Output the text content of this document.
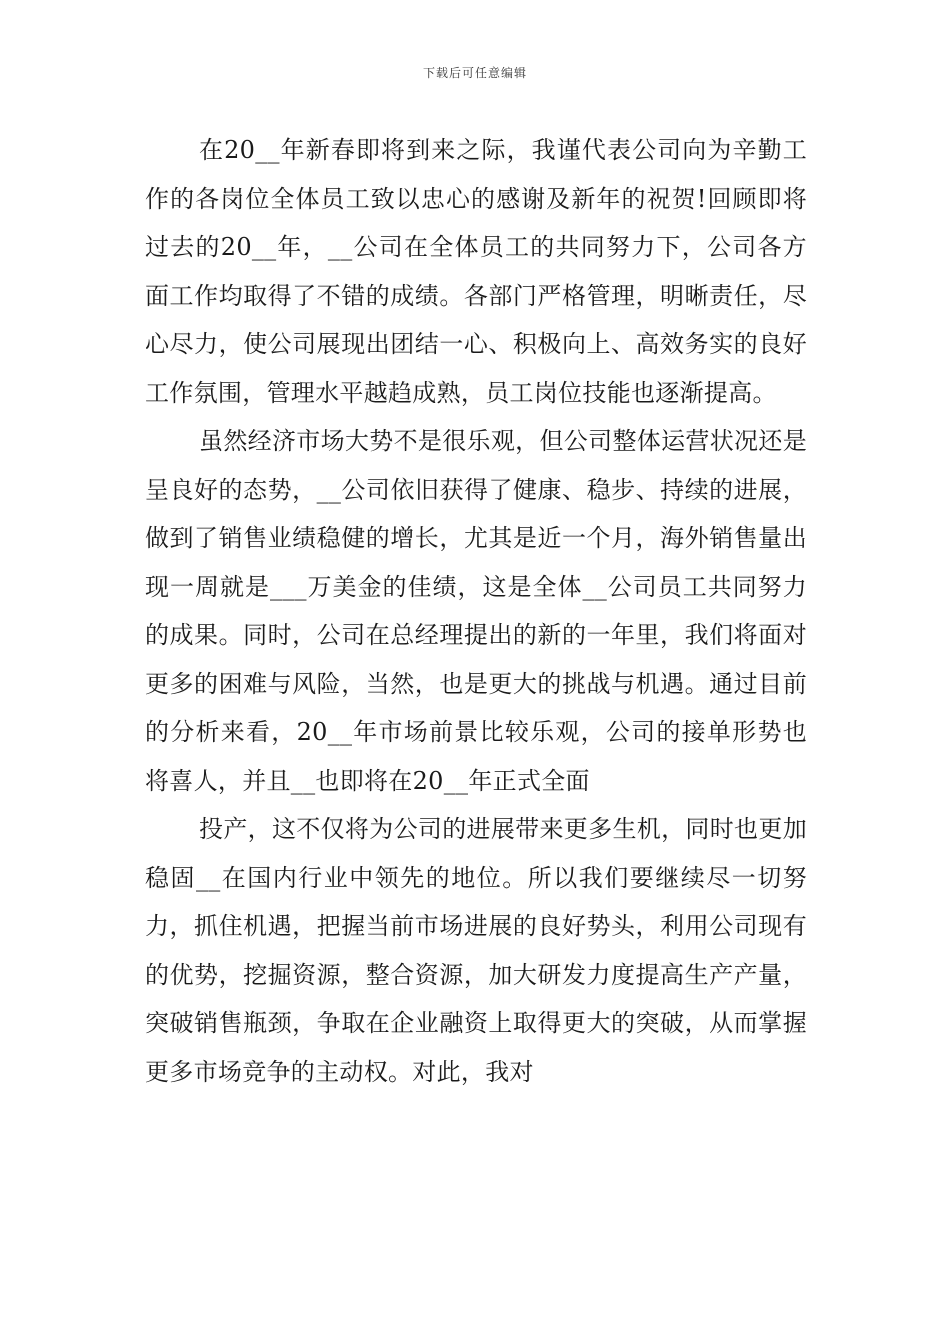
下载后可任意编辑

在20__年新春即将到来之际，我谨代表公司向为辛勤工作的各岗位全体员工致以忠心的感谢及新年的祝贺!回顾即将过去的20__年，__公司在全体员工的共同努力下，公司各方面工作均取得了不错的成绩。各部门严格管理，明晰责任，尽心尽力，使公司展现出团结一心、积极向上、高效务实的良好工作氛围，管理水平越趋成熟，员工岗位技能也逐渐提高。

虽然经济市场大势不是很乐观，但公司整体运营状况还是呈良好的态势，__公司依旧获得了健康、稳步、持续的进展，做到了销售业绩稳健的增长，尤其是近一个月，海外销售量出现一周就是___万美金的佳绩，这是全体__公司员工共同努力的成果。同时，公司在总经理提出的新的一年里，我们将面对更多的困难与风险，当然，也是更大的挑战与机遇。通过目前的分析来看，20__年市场前景比较乐观，公司的接单形势也将喜人，并且__也即将在20__年正式全面

投产，这不仅将为公司的进展带来更多生机，同时也更加稳固__在国内行业中领先的地位。所以我们要继续尽一切努力，抓住机遇，把握当前市场进展的良好势头，利用公司现有的优势，挖掘资源，整合资源，加大研发力度提高生产产量，突破销售瓶颈，争取在企业融资上取得更大的突破，从而掌握更多市场竞争的主动权。对此，我对
